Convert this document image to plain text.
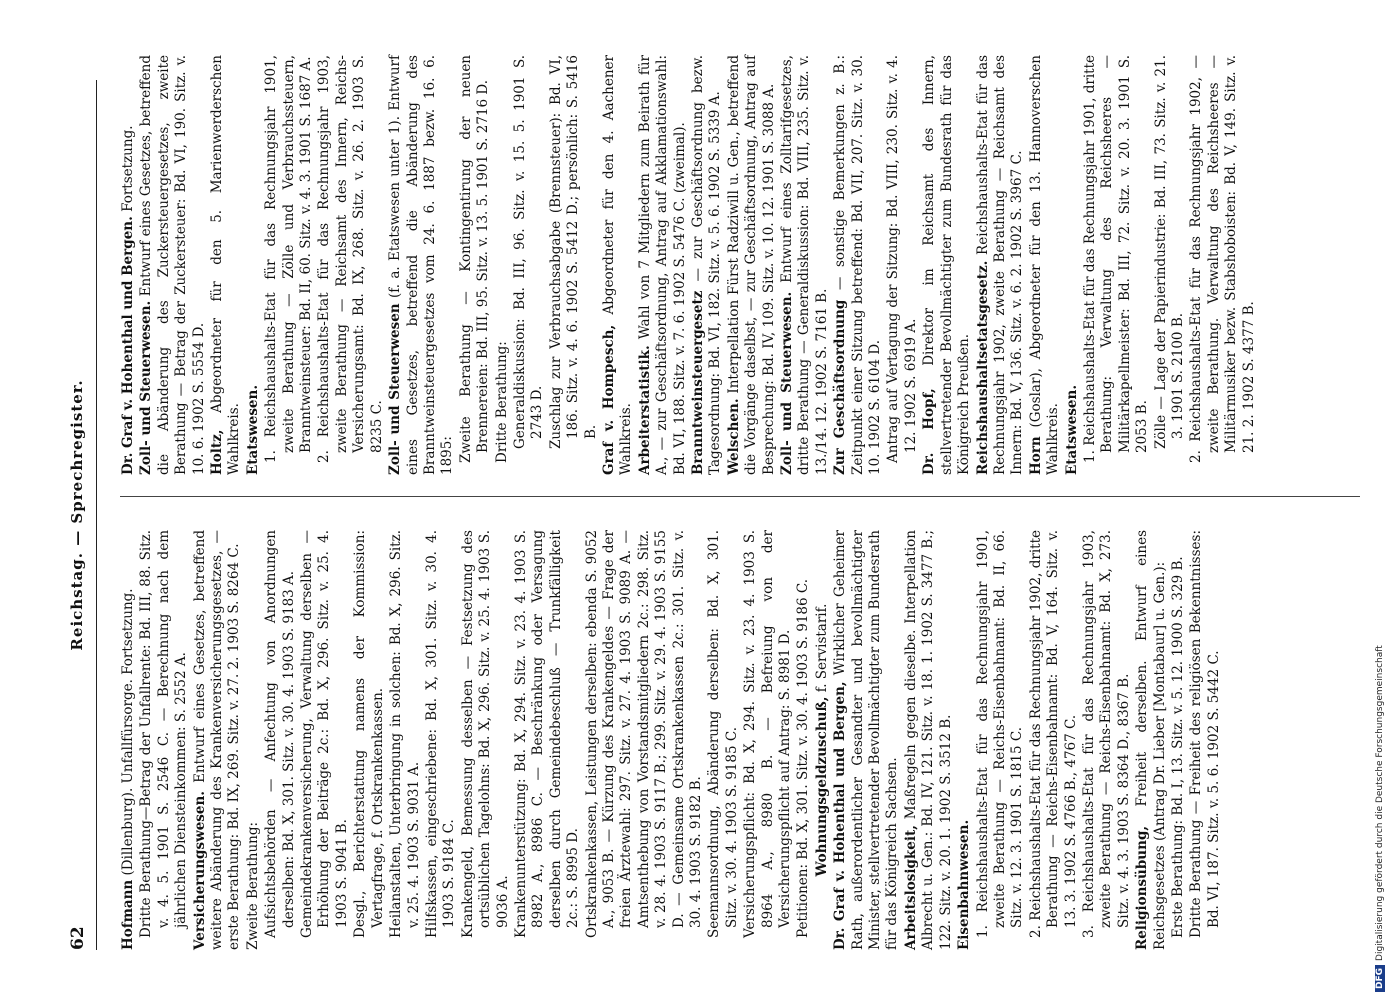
62
Reichstag. — Sprechregister.

Hofmann (Dillenburg). Unfallfürsorge. Fortsetzung. Dritte Berathung—Betrag der Unfallrente: Bd. III, 88. Sitz. v. 4. 5. 1901 S. 2546 C. — Berechnung nach dem jährlichen Diensteinkommen: S. 2552 A. Versicherungswesen. Entwurf eines Gesetzes, betreffend weitere Abänderung des Krankenversicherungsgesetzes, — erste Berathung: Bd. IX, 269. Sitz. v. 27. 2. 1903 S. 8264 C. Zweite Berathung: Aufsichtsbehörden — Anfechtung von Anordnungen derselben: Bd. X, 301. Sitz. v. 30. 4. 1903 S. 9183 A. Gemeindekrankenversicherung, Verwaltung derselben — Erhöhung der Beiträge 2c.: Bd. X, 296. Sitz. v. 25. 4. 1903 S. 9041 B. Desgl., Berichterstattung namens der Kommission: Vertagfrage, f. Ortskrankenkassen. Heilanstalten, Unterbringung in solchen: Bd. X, 296. Sitz. v. 25. 4. 1903 S. 9031 A. Hilfskassen, eingeschriebene: Bd. X, 301. Sitz. v. 30. 4. 1903 S. 9184 C. Krankengeld, Bemessung desselben — Festsetzung des ortsüblichen Tagelohns: Bd. X, 296. Sitz. v. 25. 4. 1903 S. 9036 A. Krankenunterstützung: Bd. X, 294. Sitz. v. 23. 4. 1903 S. 8982 A., 8986 C. — Beschränkung oder Versagung derselben durch Gemeindebeschluß — Trunkfälligkeit 2c.: S. 8995 D. Ortskrankenkassen, Leistungen derselben: ebenda S. 9052 A., 9053 B. — Kürzung des Krankengeldes — Frage der freien Ärztewahl: 297. Sitz. v. 27. 4. 1903 S. 9089 A. — Amtsenthebung von Vorstandsmitgliedern 2c.: 298. Sitz. v. 28. 4. 1903 S. 9117 B.; 299. Sitz. v. 29. 4. 1903 S. 9155 D. — Gemeinsame Ortskrankenkassen 2c.: 301. Sitz. v. 30. 4. 1903 S. 9182 B. Seemannsordnung, Abänderung derselben: Bd. X, 301. Sitz. v. 30. 4. 1903 S. 9185 C. Versicherungspflicht: Bd. X, 294. Sitz. v. 23. 4. 1903 S. 8964 A., 8980 B. — Befreiung von der Versicherungspflicht auf Antrag: S. 8981 D. Petitionen: Bd. X, 301. Sitz. v. 30. 4. 1903 S. 9186 C. Wohnungsgeldzuschuß, f. Servistarif.

Dr. Graf v. Hohenthal und Bergen, Wirklicher Geheimer Rath, außerordentlicher Gesandter und bevollmächtigter Minister, stellvertretender Bevollmächtigter zum Bundesrath für das Königreich Sachsen. Arbeitslosigkeit, Maßregeln gegen dieselbe. Interpellation Albrecht u. Gen.: Bd. IV, 121. Sitz. v. 18. 1. 1902 S. 3477 B.; 122. Sitz. v. 20. 1. 1902 S. 3512 B. Eisenbahnwesen. 1. Reichshaushalts-Etat für das Rechnungsjahr 1901, zweite Berathung — Reichs-Eisenbahnamt: Bd. II, 66. Sitz. v. 12. 3. 1901 S. 1815 C. 2. Reichshaushalts-Etat für das Rechnungsjahr 1902, dritte Berathung — Reichs-Eisenbahnamt: Bd. V, 164. Sitz. v. 13. 3. 1902 S. 4766 B., 4767 C. 3. Reichshaushalts-Etat für das Rechnungsjahr 1903, zweite Berathung — Reichs-Eisenbahnamt: Bd. X, 273. Sitz. v. 4. 3. 1903 S. 8364 D., 8367 B. Religionsübung, Freiheit derselben. Entwurf eines Reichsgesetzes (Antrag Dr. Lieber [Montabaur] u. Gen.): Erste Berathung: Bd. I, 13. Sitz. v. 5. 12. 1900 S. 329 B. Dritte Berathung — Freiheit des religiösen Bekenntnisses: Bd. VI, 187. Sitz. v. 5. 6. 1902 S. 5442 C.

Dr. Graf v. Hohenthal und Bergen. Fortsetzung.

Zoll- und Steuerwesen. Entwurf eines Gesetzes, betreffend die Abänderung des Zuckersteuergesetzes, zweite Berathung — Betrag der Zuckersteuer: Bd. VI, 190. Sitz. v. 10. 6. 1902 S. 5554 D. Holtz, Abgeordneter für den 5. Marienwerderschen Wahlkreis. Etatswesen. 1. Reichshaushalts-Etat für das Rechnungsjahr 1901, zweite Berathung — Zölle und Verbrauchssteuern, Branntweinsteuer: Bd. II, 60. Sitz. v. 4. 3. 1901 S. 1687 A. 2. Reichshaushalts-Etat für das Rechnungsjahr 1903, zweite Berathung — Reichsamt des Innern, Reichs-Versicherungsamt: Bd. IX, 268. Sitz. v. 26. 2. 1903 S. 8235 C. Zoll- und Steuerwesen (f. a. Etatswesen unter 1). Entwurf eines Gesetzes, betreffend die Abänderung des Branntweinsteuergesetzes vom 24. 6. 1887 bezw. 16. 6. 1895: Zweite Berathung — Kontingentirung der neuen Brennereien: Bd. III, 95. Sitz. v. 13. 5. 1901 S. 2716 D. Dritte Berathung: Generaldiskussion: Bd. III, 96. Sitz. v. 15. 5. 1901 S. 2743 D. Zuschlag zur Verbrauchsabgabe (Brennsteuer): Bd. VI, 186. Sitz. v. 4. 6. 1902 S. 5412 D.; persönlich: S. 5416 B. Graf v. Hompesch, Abgeordneter für den 4. Aachener Wahlkreis. Arbeiterstatistik. Wahl von 7 Mitgliedern zum Beirath für A., — zur Geschäftsordnung, Antrag auf Akklamationswahl: Bd. VI, 188. Sitz. v. 7. 6. 1902 S. 5476 C. (zweimal). Branntweinsteuergesetz — zur Geschäftsordnung bezw. Tagesordnung: Bd. VI, 182. Sitz. v. 5. 6. 1902 S. 5339 A. Welschen. Interpellation Fürst Radziwill u. Gen., betreffend die Vorgänge daselbst, — zur Geschäftsordnung, Antrag auf Besprechung: Bd. IV, 109. Sitz. v. 10. 12. 1901 S. 3088 A. Zoll- und Steuerwesen. Entwurf eines Zolltarifgesetzes, dritte Berathung — Generaldiskussion: Bd. VIII, 235. Sitz. v. 13./14. 12. 1902 S. 7161 B. Zur Geschäftsordnung — sonstige Bemerkungen z. B.: Zeitpunkt einer Sitzung betreffend: Bd. VII, 207. Sitz. v. 30. 10. 1902 S. 6104 D. Antrag auf Vertagung der Sitzung: Bd. VIII, 230. Sitz. v. 4. 12. 1902 S. 6919 A. Dr. Hopf, Direktor im Reichsamt des Innern, stellvertretender Bevollmächtigter zum Bundesrath für das Königreich Preußen. Reichshaushaltsetatsgesetz. Reichshaushalts-Etat für das Rechnungsjahr 1902, zweite Berathung — Reichsamt des Innern: Bd. V, 136. Sitz. v. 6. 2. 1902 S. 3967 C. Horn (Goslar), Abgeordneter für den 13. Hannoverschen Wahlkreis. Etatswesen. 1. Reichshaushalts-Etat für das Rechnungsjahr 1901, dritte Berathung: Verwaltung des Reichsheeres — Militärkapellmeister: Bd. III, 72. Sitz. v. 20. 3. 1901 S. 2053 B. Zölle — Lage der Papierindustrie: Bd. III, 73. Sitz. v. 21. 3. 1901 S. 2100 B. 2. Reichshaushalts-Etat für das Rechnungsjahr 1902, — zweite Berathung. Verwaltung des Reichsheeres — Militärmusiker bezw. Stabshoboisten: Bd. V, 149. Sitz. v. 21. 2. 1902 S. 4377 B.

DFGDigitalisierung gefördert durch die Deutsche Forschungsgemeinschaft
